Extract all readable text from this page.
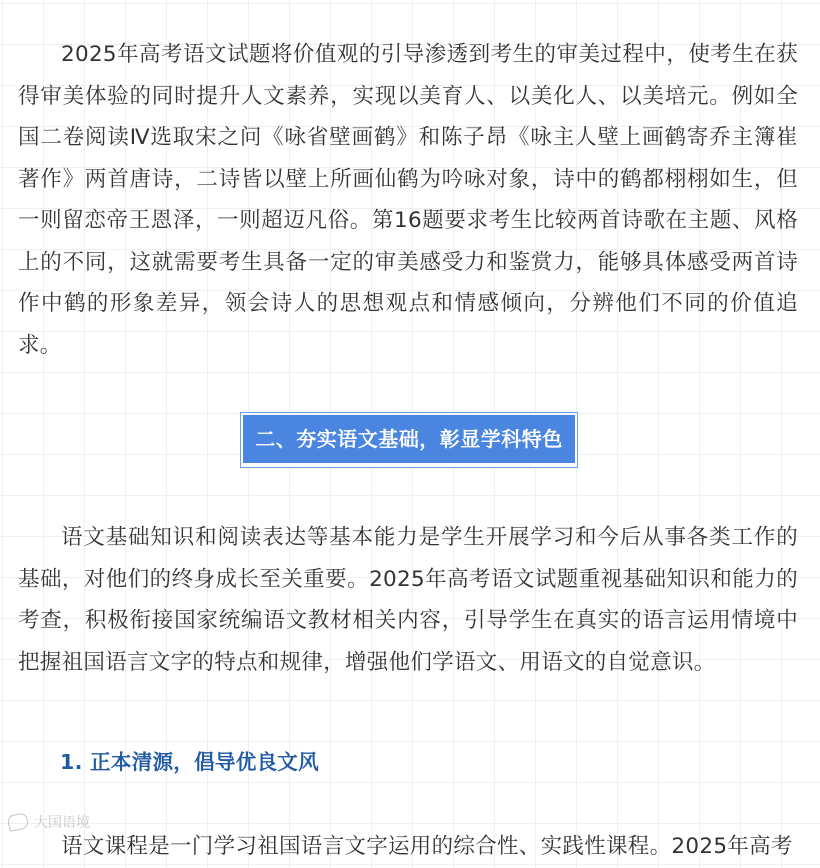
2025年高考语文试题将价值观的引导渗透到考生的审美过程中，使考生在获得审美体验的同时提升人文素养，实现以美育人、以美化人、以美培元。例如全国二卷阅读Ⅳ选取宋之问《咏省壁画鹤》和陈子昂《咏主人壁上画鹤寄乔主簿崔著作》两首唐诗，二诗皆以壁上所画仙鹤为吟咏对象，诗中的鹤都栩栩如生，但一则留恋帝王恩泽，一则超迈凡俗。第16题要求考生比较两首诗歌在主题、风格上的不同，这就需要考生具备一定的审美感受力和鉴赏力，能够具体感受两首诗作中鹤的形象差异，领会诗人的思想观点和情感倾向，分辨他们不同的价值追求。

二、夯实语文基础，彰显学科特色

语文基础知识和阅读表达等基本能力是学生开展学习和今后从事各类工作的基础，对他们的终身成长至关重要。2025年高考语文试题重视基础知识和能力的考查，积极衔接国家统编语文教材相关内容，引导学生在真实的语言运用情境中把握祖国语言文字的特点和规律，增强他们学语文、用语文的自觉意识。

1. 正本清源，倡导优良文风

语文课程是一门学习祖国语言文字运用的综合性、实践性课程。2025年高考

大国语境
